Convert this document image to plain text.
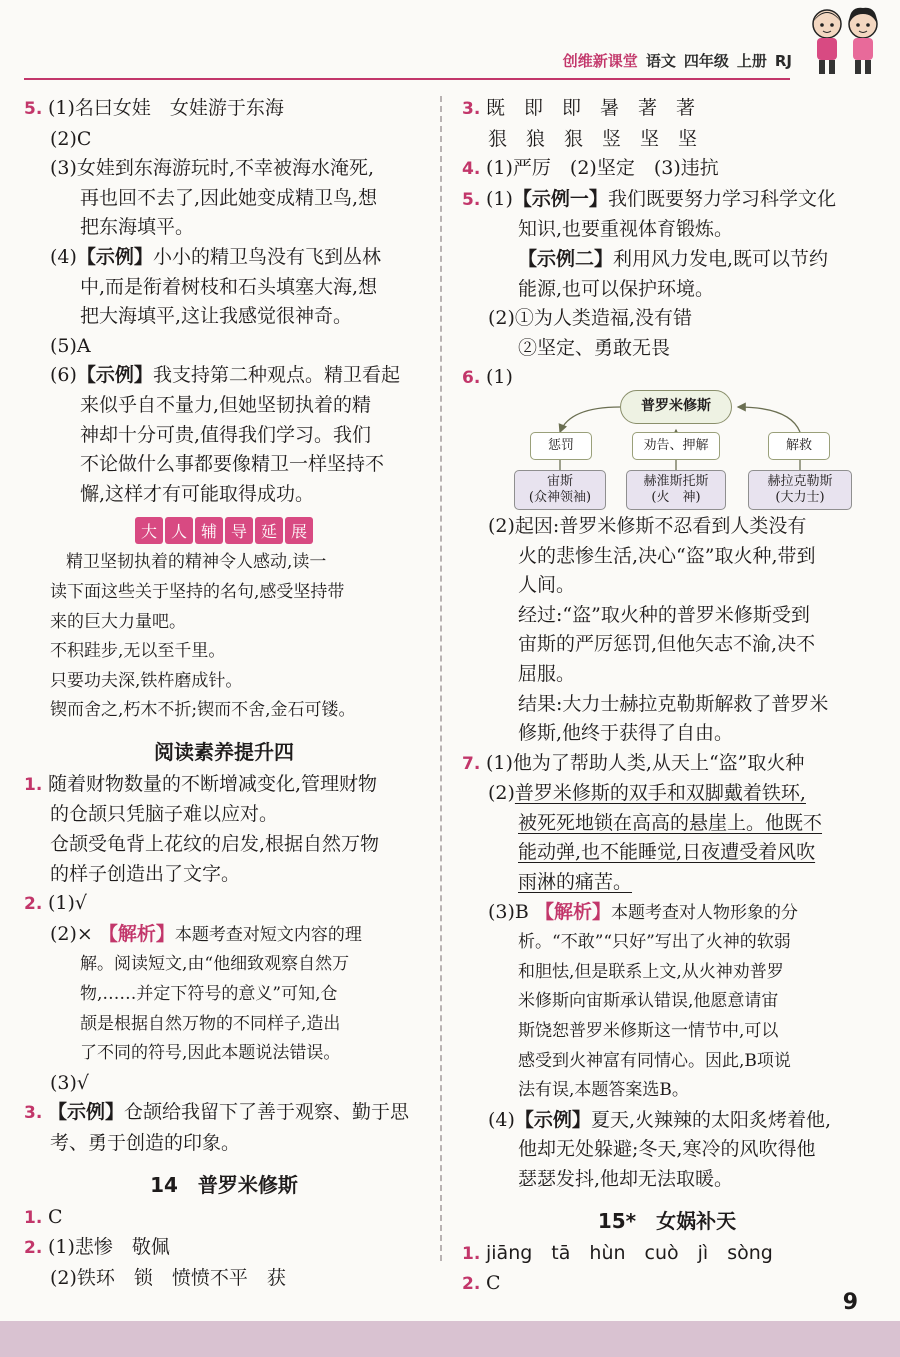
创维新课堂 语文 四年级 上册 RJ
5. (1)名曰女娃　女娃游于东海
(2)C
(3)女娃到东海游玩时,不幸被海水淹死,
再也回不去了,因此她变成精卫鸟,想
把东海填平。
(4)【示例】小小的精卫鸟没有飞到丛林
中,而是衔着树枝和石头填塞大海,想
把大海填平,这让我感觉很神奇。
(5)A
(6)【示例】我支持第二种观点。精卫看起
来似乎自不量力,但她坚韧执着的精
神却十分可贵,值得我们学习。我们
不论做什么事都要像精卫一样坚持不
懈,这样才有可能取得成功。
大 人 辅 导 延 展
精卫坚韧执着的精神令人感动,读一
读下面这些关于坚持的名句,感受坚持带
来的巨大力量吧。
不积跬步,无以至千里。
只要功夫深,铁杵磨成针。
锲而舍之,朽木不折;锲而不舍,金石可镂。
阅读素养提升四
1. 随着财物数量的不断增减变化,管理财物
的仓颉只凭脑子难以应对。
仓颉受龟背上花纹的启发,根据自然万物
的样子创造出了文字。
2. (1)√
(2)× 【解析】本题考查对短文内容的理
解。阅读短文,由“他细致观察自然万
物,……并定下符号的意义”可知,仓
颉是根据自然万物的不同样子,造出
了不同的符号,因此本题说法错误。
(3)√
3. 【示例】仓颉给我留下了善于观察、勤于思
考、勇于创造的印象。
14　普罗米修斯
1. C
2. (1)悲惨　敬佩
(2)铁环　锁　愤愤不平　获
3. 既　即　即　暑　著　著
狠　狼　狠　竖　坚　坚
4. (1)严厉　(2)坚定　(3)违抗
5. (1)【示例一】我们既要努力学习科学文化
知识,也要重视体育锻炼。
【示例二】利用风力发电,既可以节约
能源,也可以保护环境。
(2)①为人类造福,没有错
②坚定、勇敢无畏
6. (1)
普罗米修斯
惩罚	劝告、押解	解救
宙斯
(众神领袖)
赫淮斯托斯
(火　神)
赫拉克勒斯
(大力士)
(2)起因:普罗米修斯不忍看到人类没有
火的悲惨生活,决心“盗”取火种,带到
人间。
经过:“盗”取火种的普罗米修斯受到
宙斯的严厉惩罚,但他矢志不渝,决不
屈服。
结果:大力士赫拉克勒斯解救了普罗米
修斯,他终于获得了自由。
7. (1)他为了帮助人类,从天上“盗”取火种
(2)普罗米修斯的双手和双脚戴着铁环,
被死死地锁在高高的悬崖上。他既不
能动弹,也不能睡觉,日夜遭受着风吹
雨淋的痛苦。
(3)B 【解析】本题考查对人物形象的分
析。“不敢”“只好”写出了火神的软弱
和胆怯,但是联系上文,从火神劝普罗
米修斯向宙斯承认错误,他愿意请宙
斯饶恕普罗米修斯这一情节中,可以
感受到火神富有同情心。因此,B项说
法有误,本题答案选B。
(4)【示例】夏天,火辣辣的太阳炙烤着他,
他却无处躲避;冬天,寒冷的风吹得他
瑟瑟发抖,他却无法取暖。
15*　女娲补天
1. jiāng　tā　hùn　cuò　jì　sòng
2. C
9
